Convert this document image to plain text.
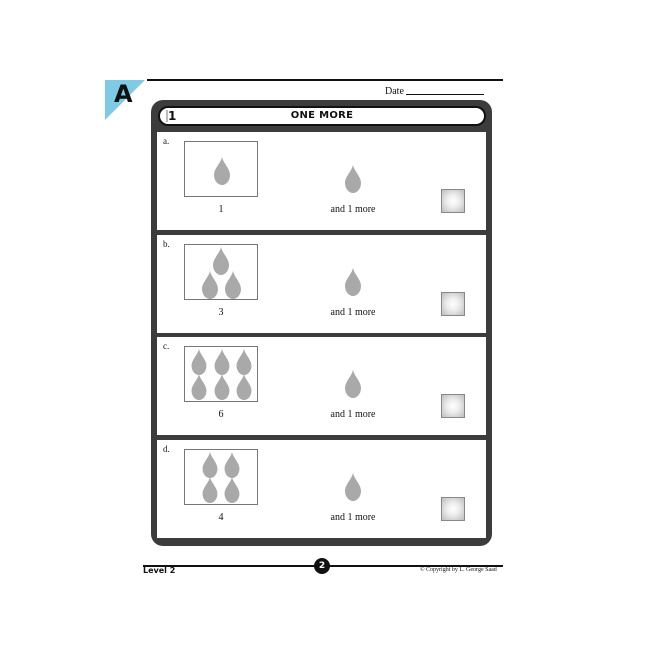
A	Date
1	ONE MORE
a.
1	and 1 more
b.
3	and 1 more
c.
6	and 1 more
d.
4	and 1 more
Level 2	2	© Copyright by L. George Saad
